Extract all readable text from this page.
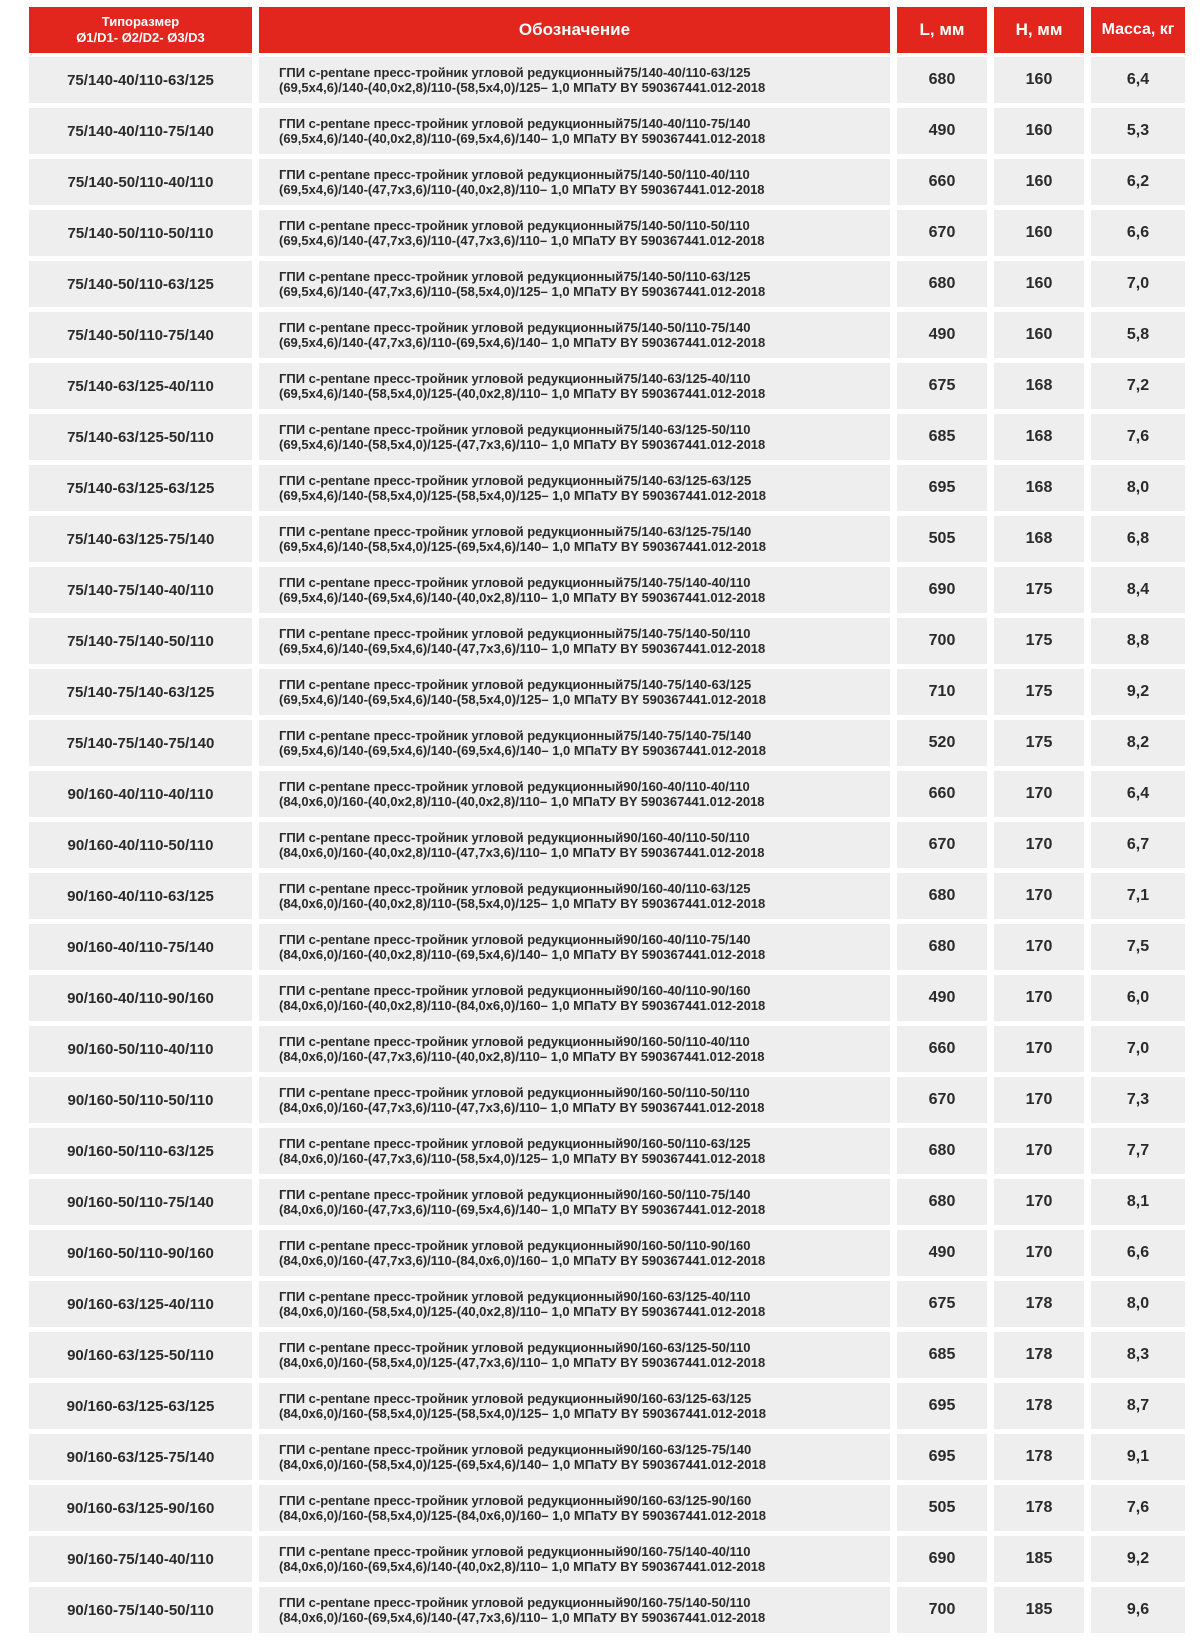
Типоразмер
Ø1/D1- Ø2/D2- Ø3/D3	Обозначение	L, мм	H, мм	Масса, кг
75/140-40/110-63/125	ГПИ c-pentane пресс-тройник угловой редукционный75/140-40/110-63/125
(69,5x4,6)/140-(40,0x2,8)/110-(58,5x4,0)/125– 1,0 МПаТУ BY 590367441.012-2018	680	160	6,4
75/140-40/110-75/140	ГПИ c-pentane пресс-тройник угловой редукционный75/140-40/110-75/140
(69,5x4,6)/140-(40,0x2,8)/110-(69,5x4,6)/140– 1,0 МПаТУ BY 590367441.012-2018	490	160	5,3
75/140-50/110-40/110	ГПИ c-pentane пресс-тройник угловой редукционный75/140-50/110-40/110
(69,5x4,6)/140-(47,7x3,6)/110-(40,0x2,8)/110– 1,0 МПаТУ BY 590367441.012-2018	660	160	6,2
75/140-50/110-50/110	ГПИ c-pentane пресс-тройник угловой редукционный75/140-50/110-50/110
(69,5x4,6)/140-(47,7x3,6)/110-(47,7x3,6)/110– 1,0 МПаТУ BY 590367441.012-2018	670	160	6,6
75/140-50/110-63/125	ГПИ c-pentane пресс-тройник угловой редукционный75/140-50/110-63/125
(69,5x4,6)/140-(47,7x3,6)/110-(58,5x4,0)/125– 1,0 МПаТУ BY 590367441.012-2018	680	160	7,0
75/140-50/110-75/140	ГПИ c-pentane пресс-тройник угловой редукционный75/140-50/110-75/140
(69,5x4,6)/140-(47,7x3,6)/110-(69,5x4,6)/140– 1,0 МПаТУ BY 590367441.012-2018	490	160	5,8
75/140-63/125-40/110	ГПИ c-pentane пресс-тройник угловой редукционный75/140-63/125-40/110
(69,5x4,6)/140-(58,5x4,0)/125-(40,0x2,8)/110– 1,0 МПаТУ BY 590367441.012-2018	675	168	7,2
75/140-63/125-50/110	ГПИ c-pentane пресс-тройник угловой редукционный75/140-63/125-50/110
(69,5x4,6)/140-(58,5x4,0)/125-(47,7x3,6)/110– 1,0 МПаТУ BY 590367441.012-2018	685	168	7,6
75/140-63/125-63/125	ГПИ c-pentane пресс-тройник угловой редукционный75/140-63/125-63/125
(69,5x4,6)/140-(58,5x4,0)/125-(58,5x4,0)/125– 1,0 МПаТУ BY 590367441.012-2018	695	168	8,0
75/140-63/125-75/140	ГПИ c-pentane пресс-тройник угловой редукционный75/140-63/125-75/140
(69,5x4,6)/140-(58,5x4,0)/125-(69,5x4,6)/140– 1,0 МПаТУ BY 590367441.012-2018	505	168	6,8
75/140-75/140-40/110	ГПИ c-pentane пресс-тройник угловой редукционный75/140-75/140-40/110
(69,5x4,6)/140-(69,5x4,6)/140-(40,0x2,8)/110– 1,0 МПаТУ BY 590367441.012-2018	690	175	8,4
75/140-75/140-50/110	ГПИ c-pentane пресс-тройник угловой редукционный75/140-75/140-50/110
(69,5x4,6)/140-(69,5x4,6)/140-(47,7x3,6)/110– 1,0 МПаТУ BY 590367441.012-2018	700	175	8,8
75/140-75/140-63/125	ГПИ c-pentane пресс-тройник угловой редукционный75/140-75/140-63/125
(69,5x4,6)/140-(69,5x4,6)/140-(58,5x4,0)/125– 1,0 МПаТУ BY 590367441.012-2018	710	175	9,2
75/140-75/140-75/140	ГПИ c-pentane пресс-тройник угловой редукционный75/140-75/140-75/140
(69,5x4,6)/140-(69,5x4,6)/140-(69,5x4,6)/140– 1,0 МПаТУ BY 590367441.012-2018	520	175	8,2
90/160-40/110-40/110	ГПИ c-pentane пресс-тройник угловой редукционный90/160-40/110-40/110
(84,0x6,0)/160-(40,0x2,8)/110-(40,0x2,8)/110– 1,0 МПаТУ BY 590367441.012-2018	660	170	6,4
90/160-40/110-50/110	ГПИ c-pentane пресс-тройник угловой редукционный90/160-40/110-50/110
(84,0x6,0)/160-(40,0x2,8)/110-(47,7x3,6)/110– 1,0 МПаТУ BY 590367441.012-2018	670	170	6,7
90/160-40/110-63/125	ГПИ c-pentane пресс-тройник угловой редукционный90/160-40/110-63/125
(84,0x6,0)/160-(40,0x2,8)/110-(58,5x4,0)/125– 1,0 МПаТУ BY 590367441.012-2018	680	170	7,1
90/160-40/110-75/140	ГПИ c-pentane пресс-тройник угловой редукционный90/160-40/110-75/140
(84,0x6,0)/160-(40,0x2,8)/110-(69,5x4,6)/140– 1,0 МПаТУ BY 590367441.012-2018	680	170	7,5
90/160-40/110-90/160	ГПИ c-pentane пресс-тройник угловой редукционный90/160-40/110-90/160
(84,0x6,0)/160-(40,0x2,8)/110-(84,0x6,0)/160– 1,0 МПаТУ BY 590367441.012-2018	490	170	6,0
90/160-50/110-40/110	ГПИ c-pentane пресс-тройник угловой редукционный90/160-50/110-40/110
(84,0x6,0)/160-(47,7x3,6)/110-(40,0x2,8)/110– 1,0 МПаТУ BY 590367441.012-2018	660	170	7,0
90/160-50/110-50/110	ГПИ c-pentane пресс-тройник угловой редукционный90/160-50/110-50/110
(84,0x6,0)/160-(47,7x3,6)/110-(47,7x3,6)/110– 1,0 МПаТУ BY 590367441.012-2018	670	170	7,3
90/160-50/110-63/125	ГПИ c-pentane пресс-тройник угловой редукционный90/160-50/110-63/125
(84,0x6,0)/160-(47,7x3,6)/110-(58,5x4,0)/125– 1,0 МПаТУ BY 590367441.012-2018	680	170	7,7
90/160-50/110-75/140	ГПИ c-pentane пресс-тройник угловой редукционный90/160-50/110-75/140
(84,0x6,0)/160-(47,7x3,6)/110-(69,5x4,6)/140– 1,0 МПаТУ BY 590367441.012-2018	680	170	8,1
90/160-50/110-90/160	ГПИ c-pentane пресс-тройник угловой редукционный90/160-50/110-90/160
(84,0x6,0)/160-(47,7x3,6)/110-(84,0x6,0)/160– 1,0 МПаТУ BY 590367441.012-2018	490	170	6,6
90/160-63/125-40/110	ГПИ c-pentane пресс-тройник угловой редукционный90/160-63/125-40/110
(84,0x6,0)/160-(58,5x4,0)/125-(40,0x2,8)/110– 1,0 МПаТУ BY 590367441.012-2018	675	178	8,0
90/160-63/125-50/110	ГПИ c-pentane пресс-тройник угловой редукционный90/160-63/125-50/110
(84,0x6,0)/160-(58,5x4,0)/125-(47,7x3,6)/110– 1,0 МПаТУ BY 590367441.012-2018	685	178	8,3
90/160-63/125-63/125	ГПИ c-pentane пресс-тройник угловой редукционный90/160-63/125-63/125
(84,0x6,0)/160-(58,5x4,0)/125-(58,5x4,0)/125– 1,0 МПаТУ BY 590367441.012-2018	695	178	8,7
90/160-63/125-75/140	ГПИ c-pentane пресс-тройник угловой редукционный90/160-63/125-75/140
(84,0x6,0)/160-(58,5x4,0)/125-(69,5x4,6)/140– 1,0 МПаТУ BY 590367441.012-2018	695	178	9,1
90/160-63/125-90/160	ГПИ c-pentane пресс-тройник угловой редукционный90/160-63/125-90/160
(84,0x6,0)/160-(58,5x4,0)/125-(84,0x6,0)/160– 1,0 МПаТУ BY 590367441.012-2018	505	178	7,6
90/160-75/140-40/110	ГПИ c-pentane пресс-тройник угловой редукционный90/160-75/140-40/110
(84,0x6,0)/160-(69,5x4,6)/140-(40,0x2,8)/110– 1,0 МПаТУ BY 590367441.012-2018	690	185	9,2
90/160-75/140-50/110	ГПИ c-pentane пресс-тройник угловой редукционный90/160-75/140-50/110
(84,0x6,0)/160-(69,5x4,6)/140-(47,7x3,6)/110– 1,0 МПаТУ BY 590367441.012-2018	700	185	9,6
